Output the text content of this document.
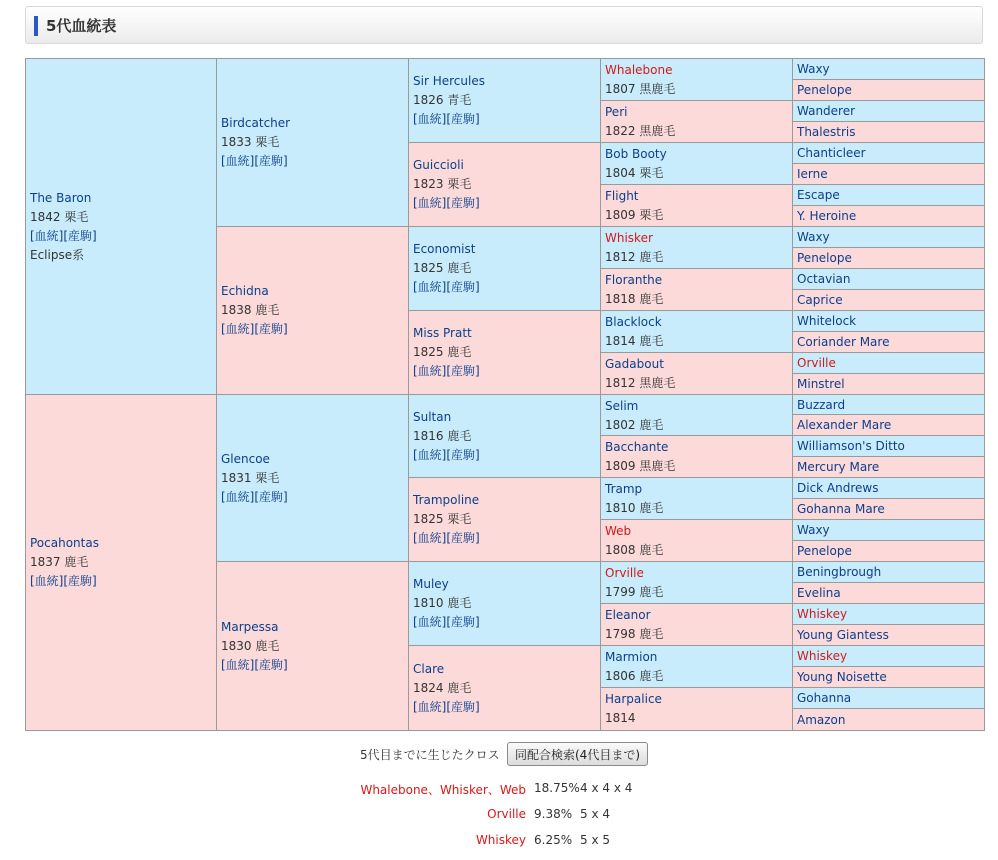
5代血統表
The Baron
1842 栗毛
[血統][産駒]
Eclipse系
Pocahontas
1837 鹿毛
[血統][産駒]
Birdcatcher
1833 栗毛
[血統][産駒]
Echidna
1838 鹿毛
[血統][産駒]
Glencoe
1831 栗毛
[血統][産駒]
Marpessa
1830 鹿毛
[血統][産駒]
Sir Hercules
1826 青毛
[血統][産駒]
Guiccioli
1823 栗毛
[血統][産駒]
Economist
1825 鹿毛
[血統][産駒]
Miss Pratt
1825 鹿毛
[血統][産駒]
Sultan
1816 鹿毛
[血統][産駒]
Trampoline
1825 栗毛
[血統][産駒]
Muley
1810 鹿毛
[血統][産駒]
Clare
1824 鹿毛
[血統][産駒]
Whalebone
1807 黒鹿毛
Peri
1822 黒鹿毛
Bob Booty
1804 栗毛
Flight
1809 栗毛
Whisker
1812 鹿毛
Floranthe
1818 鹿毛
Blacklock
1814 鹿毛
Gadabout
1812 黒鹿毛
Selim
1802 鹿毛
Bacchante
1809 黒鹿毛
Tramp
1810 鹿毛
Web
1808 鹿毛
Orville
1799 鹿毛
Eleanor
1798 鹿毛
Marmion
1806 鹿毛
Harpalice
1814
Waxy
Penelope
Wanderer
Thalestris
Chanticleer
Ierne
Escape
Y. Heroine
Waxy
Penelope
Octavian
Caprice
Whitelock
Coriander Mare
Orville
Minstrel
Buzzard
Alexander Mare
Williamson's Ditto
Mercury Mare
Dick Andrews
Gohanna Mare
Waxy
Penelope
Beningbrough
Evelina
Whiskey
Young Giantess
Whiskey
Young Noisette
Gohanna
Amazon
5代目までに生じたクロス	同配合検索(4代目まで)
Whalebone、Whisker、Web 18.75% 4 x 4 x 4
Orville 9.38% 5 x 4
Whiskey 6.25% 5 x 5
